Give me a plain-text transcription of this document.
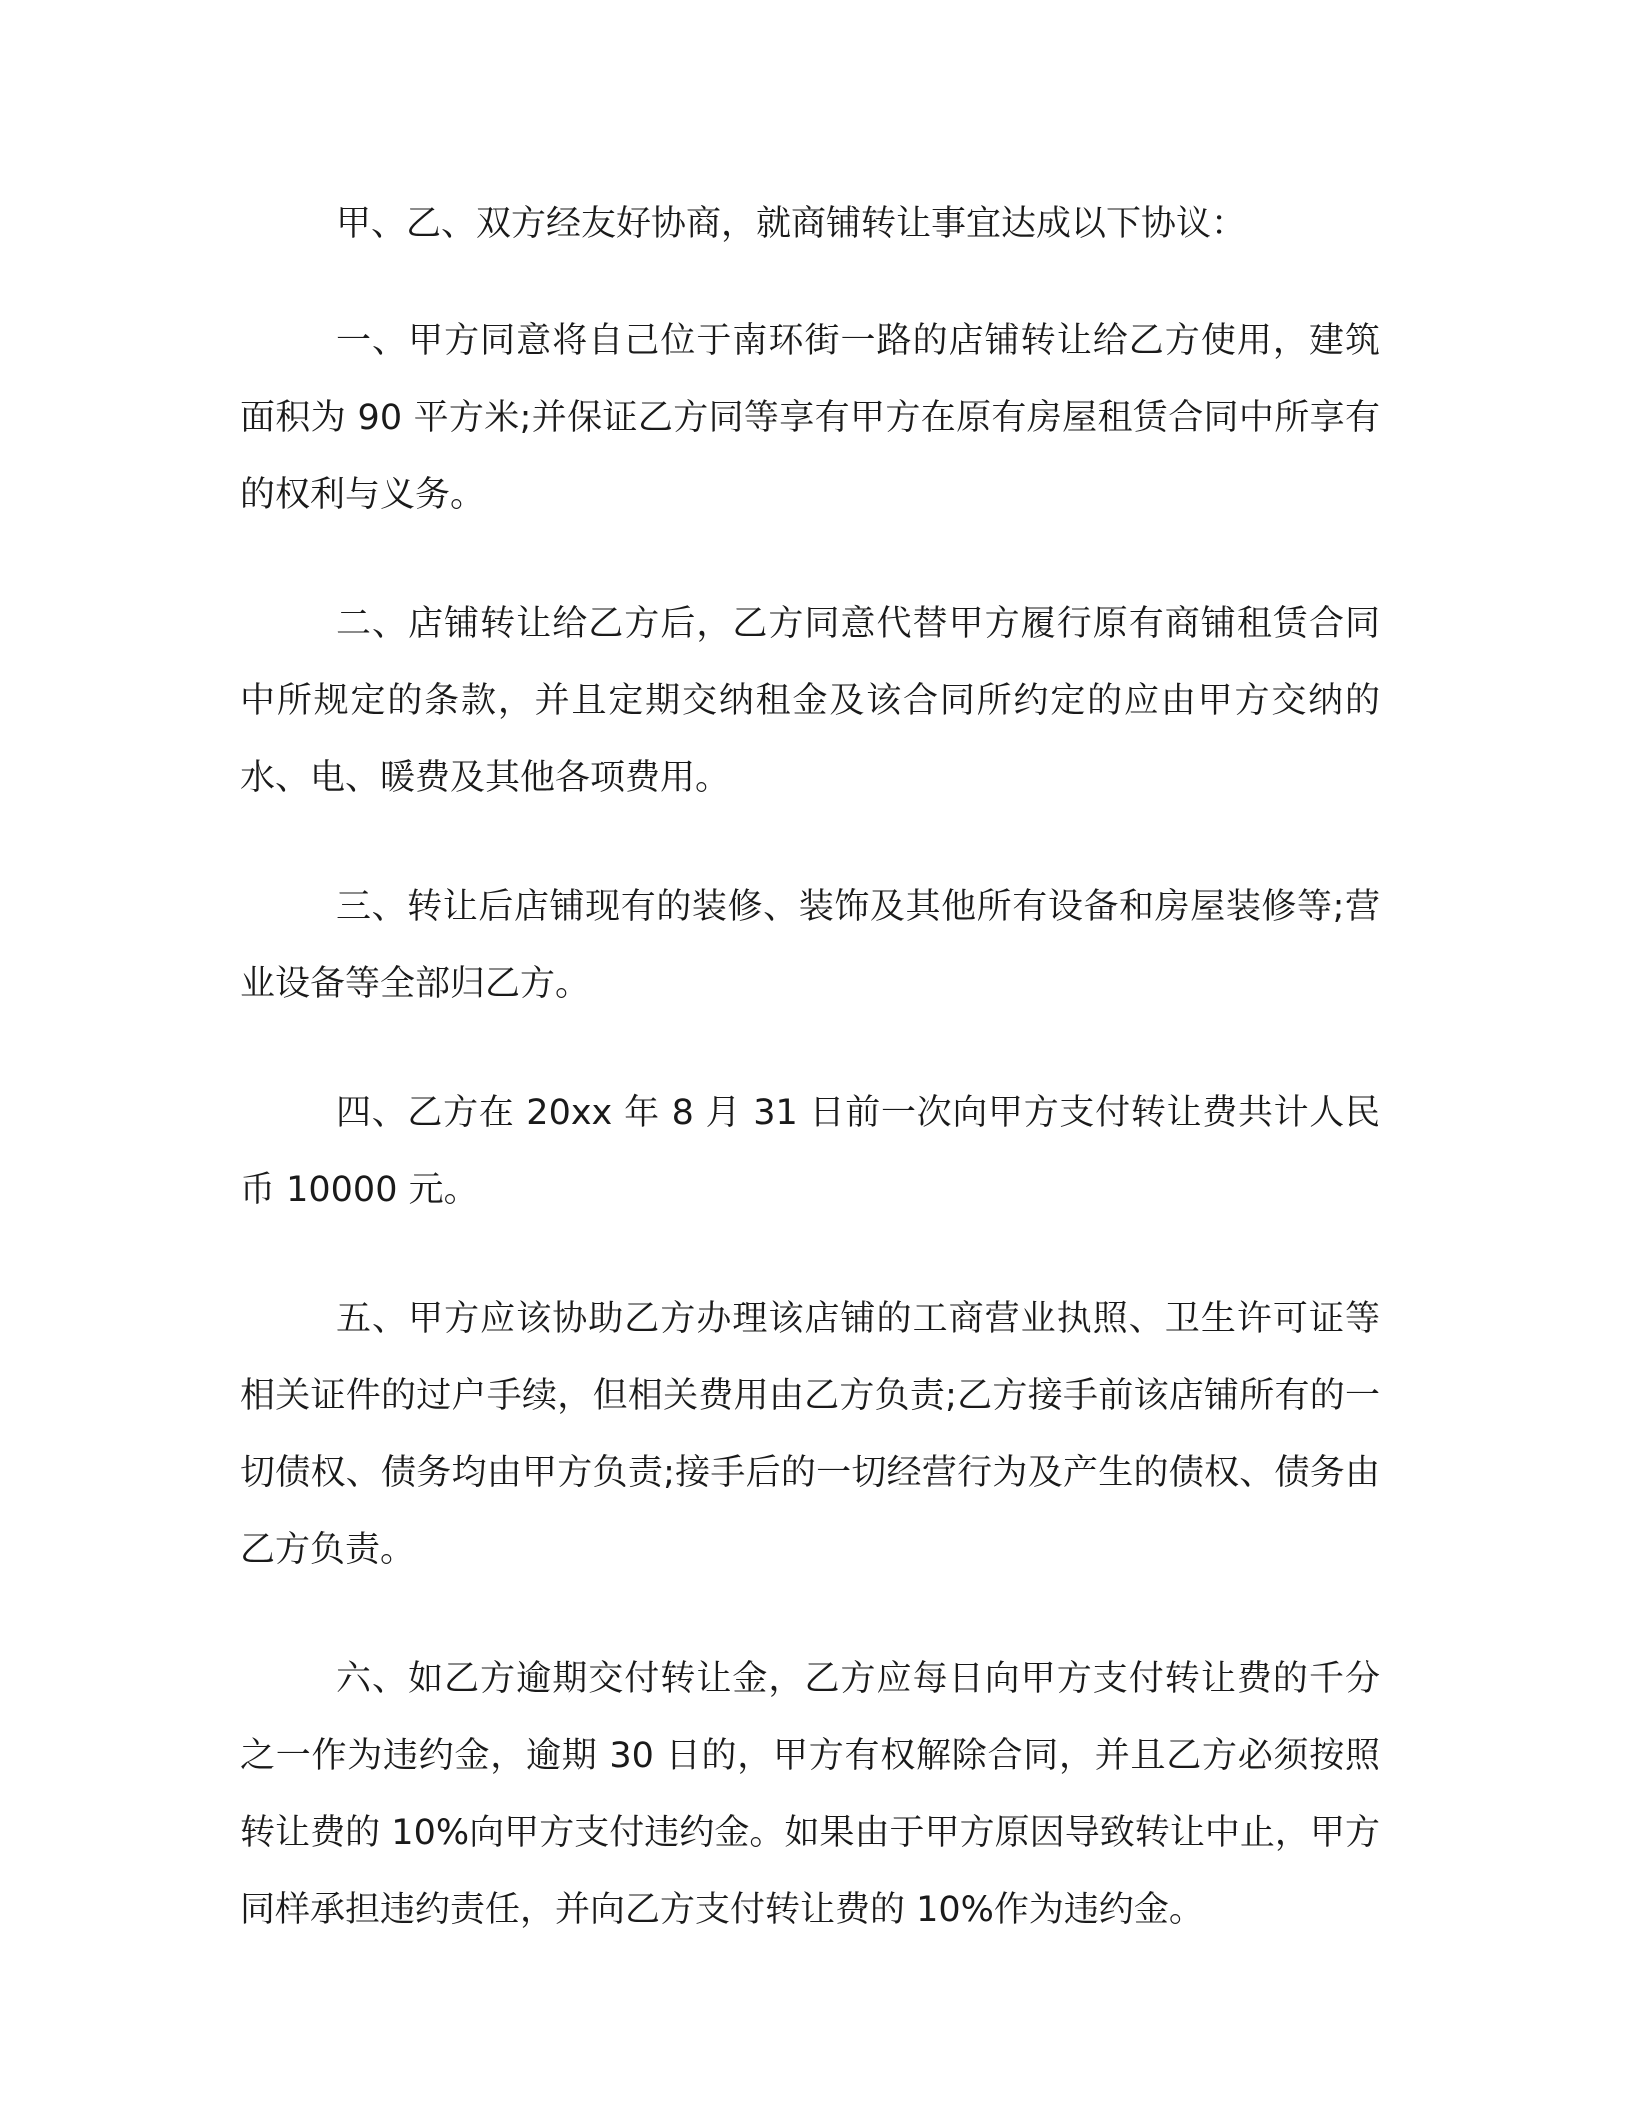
甲、乙、双方经友好协商，就商铺转让事宜达成以下协议：

一、甲方同意将自己位于南环街一路的店铺转让给乙方使用，建筑面积为 90 平方米;并保证乙方同等享有甲方在原有房屋租赁合同中所享有的权利与义务。

二、店铺转让给乙方后，乙方同意代替甲方履行原有商铺租赁合同中所规定的条款，并且定期交纳租金及该合同所约定的应由甲方交纳的水、电、暖费及其他各项费用。

三、转让后店铺现有的装修、装饰及其他所有设备和房屋装修等;营业设备等全部归乙方。

四、乙方在 20xx 年 8 月 31 日前一次向甲方支付转让费共计人民币 10000 元。

五、甲方应该协助乙方办理该店铺的工商营业执照、卫生许可证等相关证件的过户手续，但相关费用由乙方负责;乙方接手前该店铺所有的一切债权、债务均由甲方负责;接手后的一切经营行为及产生的债权、债务由乙方负责。

六、如乙方逾期交付转让金，乙方应每日向甲方支付转让费的千分之一作为违约金，逾期 30 日的，甲方有权解除合同，并且乙方必须按照转让费的 10%向甲方支付违约金。如果由于甲方原因导致转让中止，甲方同样承担违约责任，并向乙方支付转让费的 10%作为违约金。
